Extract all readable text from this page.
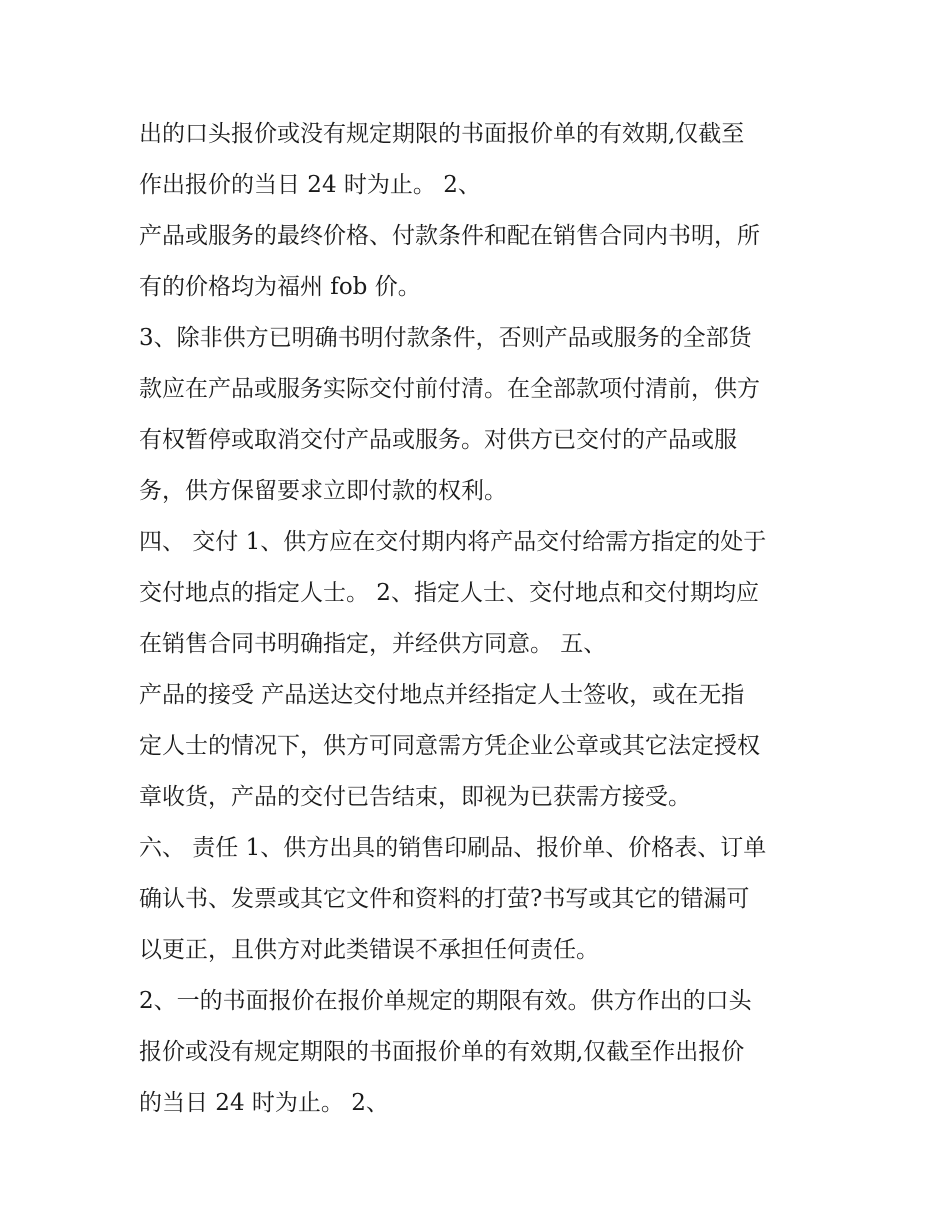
出的口头报价或没有规定期限的书面报价单的有效期,仅截至

作出报价的当日 24 时为止。 2、

产品或服务的最终价格、付款条件和配在销售合同内书明，所

有的价格均为福州 fob 价。

3、除非供方已明确书明付款条件，否则产品或服务的全部货

款应在产品或服务实际交付前付清。在全部款项付清前，供方

有权暂停或取消交付产品或服务。对供方已交付的产品或服

务，供方保留要求立即付款的权利。

四、 交付 1、供方应在交付期内将产品交付给需方指定的处于

交付地点的指定人士。 2、指定人士、交付地点和交付期均应

在销售合同书明确指定，并经供方同意。 五、

产品的接受 产品送达交付地点并经指定人士签收，或在无指

定人士的情况下，供方可同意需方凭企业公章或其它法定授权

章收货，产品的交付已告结束，即视为已获需方接受。

六、 责任 1、供方出具的销售印刷品、报价单、价格表、订单

确认书、发票或其它文件和资料的打萤?书写或其它的错漏可

以更正，且供方对此类错误不承担任何责任。

2、一的书面报价在报价单规定的期限有效。供方作出的口头

报价或没有规定期限的书面报价单的有效期,仅截至作出报价

的当日 24 时为止。 2、
